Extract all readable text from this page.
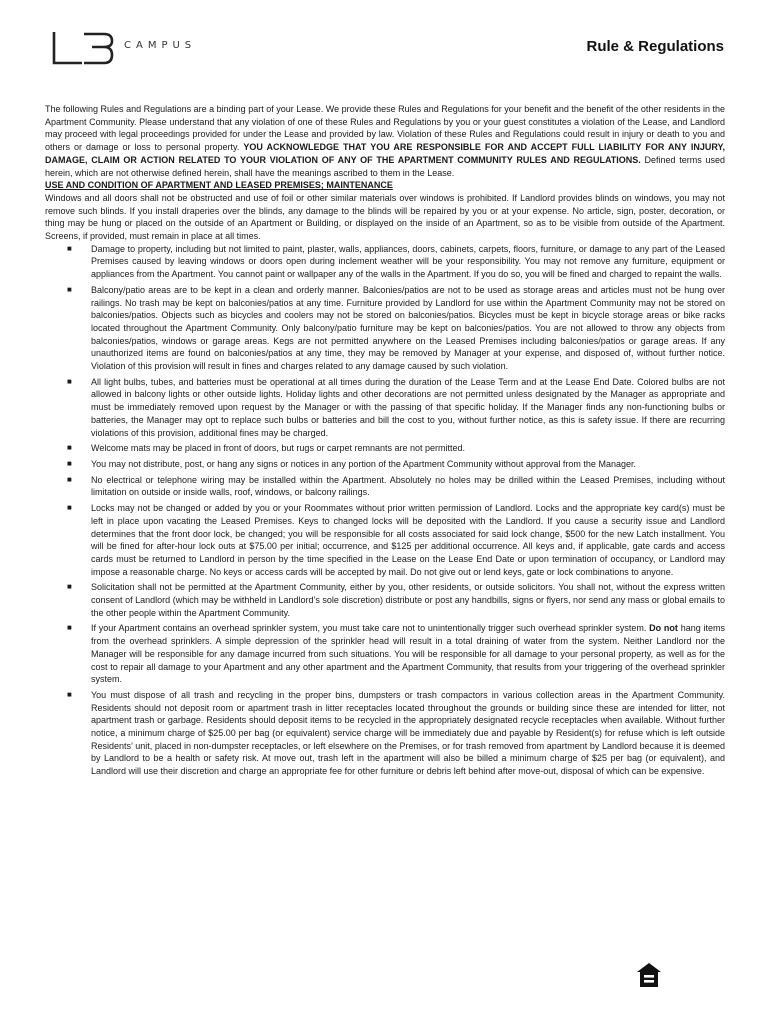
CAMPUS	Rule & Regulations

The following Rules and Regulations are a binding part of your Lease. We provide these Rules and Regulations for your benefit and the benefit of the other residents in the Apartment Community. Please understand that any violation of one of these Rules and Regulations by you or your guest constitutes a violation of the Lease, and Landlord may proceed with legal proceedings provided for under the Lease and provided by law. Violation of these Rules and Regulations could result in injury or death to you and others or damage or loss to personal property. YOU ACKNOWLEDGE THAT YOU ARE RESPONSIBLE FOR AND ACCEPT FULL LIABILITY FOR ANY INJURY, DAMAGE, CLAIM OR ACTION RELATED TO YOUR VIOLATION OF ANY OF THE APARTMENT COMMUNITY RULES AND REGULATIONS. Defined terms used herein, which are not otherwise defined herein, shall have the meanings ascribed to them in the Lease.

USE AND CONDITION OF APARTMENT AND LEASED PREMISES; MAINTENANCE

Windows and all doors shall not be obstructed and use of foil or other similar materials over windows is prohibited. If Landlord provides blinds on windows, you may not remove such blinds. If you install draperies over the blinds, any damage to the blinds will be repaired by you or at your expense. No article, sign, poster, decoration, or thing may be hung or placed on the outside of an Apartment or Building, or displayed on the inside of an Apartment, so as to be visible from outside of the Apartment. Screens, if provided, must remain in place at all times.

■ Damage to property, including but not limited to paint, plaster, walls, appliances, doors, cabinets, carpets, floors, furniture, or damage to any part of the Leased Premises caused by leaving windows or doors open during inclement weather will be your responsibility. You may not remove any furniture, equipment or appliances from the Apartment. You cannot paint or wallpaper any of the walls in the Apartment. If you do so, you will be fined and charged to repaint the walls.
■ Balcony/patio areas are to be kept in a clean and orderly manner. Balconies/patios are not to be used as storage areas and articles must not be hung over railings. No trash may be kept on balconies/patios at any time. Furniture provided by Landlord for use within the Apartment Community may not be stored on balconies/patios. Objects such as bicycles and coolers may not be stored on balconies/patios. Bicycles must be kept in bicycle storage areas or bike racks located throughout the Apartment Community. Only balcony/patio furniture may be kept on balconies/patios. You are not allowed to throw any objects from balconies/patios, windows or garage areas. Kegs are not permitted anywhere on the Leased Premises including balconies/patios or garage areas. If any unauthorized items are found on balconies/patios at any time, they may be removed by Manager at your expense, and disposed of, without further notice. Violation of this provision will result in fines and charges related to any damage caused by such violation.
■ All light bulbs, tubes, and batteries must be operational at all times during the duration of the Lease Term and at the Lease End Date. Colored bulbs are not allowed in balcony lights or other outside lights. Holiday lights and other decorations are not permitted unless designated by the Manager as appropriate and must be immediately removed upon request by the Manager or with the passing of that specific holiday. If the Manager finds any non-functioning bulbs or batteries, the Manager may opt to replace such bulbs or batteries and bill the cost to you, without further notice, as this is safety issue. If there are recurring violations of this provision, additional fines may be charged.
■ Welcome mats may be placed in front of doors, but rugs or carpet remnants are not permitted.
■ You may not distribute, post, or hang any signs or notices in any portion of the Apartment Community without approval from the Manager.
■ No electrical or telephone wiring may be installed within the Apartment. Absolutely no holes may be drilled within the Leased Premises, including without limitation on outside or inside walls, roof, windows, or balcony railings.
■ Locks may not be changed or added by you or your Roommates without prior written permission of Landlord. Locks and the appropriate key card(s) must be left in place upon vacating the Leased Premises. Keys to changed locks will be deposited with the Landlord. If you cause a security issue and Landlord determines that the front door lock, be changed; you will be responsible for all costs associated for said lock change, $500 for the new Latch installment. You will be fined for after-hour lock outs at $75.00 per initial; occurrence, and $125 per additional occurrence. All keys and, if applicable, gate cards and access cards must be returned to Landlord in person by the time specified in the Lease on the Lease End Date or upon termination of occupancy, or Landlord may impose a reasonable charge. No keys or access cards will be accepted by mail. Do not give out or lend keys, gate or lock combinations to anyone.
■ Solicitation shall not be permitted at the Apartment Community, either by you, other residents, or outside solicitors. You shall not, without the express written consent of Landlord (which may be withheld in Landlord’s sole discretion) distribute or post any handbills, signs or flyers, nor send any mass or global emails to the other people within the Apartment Community.
■ If your Apartment contains an overhead sprinkler system, you must take care not to unintentionally trigger such overhead sprinkler system. Do not hang items from the overhead sprinklers. A simple depression of the sprinkler head will result in a total draining of water from the system. Neither Landlord nor the Manager will be responsible for any damage incurred from such situations. You will be responsible for all damage to your personal property, as well as for the cost to repair all damage to your Apartment and any other apartment and the Apartment Community, that results from your triggering of the overhead sprinkler system.
■ You must dispose of all trash and recycling in the proper bins, dumpsters or trash compactors in various collection areas in the Apartment Community. Residents should not deposit room or apartment trash in litter receptacles located throughout the grounds or building since these are intended for litter, not apartment trash or garbage. Residents should deposit items to be recycled in the appropriately designated recycle receptacles when available. Without further notice, a minimum charge of $25.00 per bag (or equivalent) service charge will be immediately due and payable by Resident(s) for refuse which is left outside Residents’ unit, placed in non-dumpster receptacles, or left elsewhere on the Premises, or for trash removed from apartment by Landlord because it is deemed by Landlord to be a health or safety risk. At move out, trash left in the apartment will also be billed a minimum charge of $25 per bag (or equivalent), and Landlord will use their discretion and charge an appropriate fee for other furniture or debris left behind after move-out, disposal of which can be expensive.
